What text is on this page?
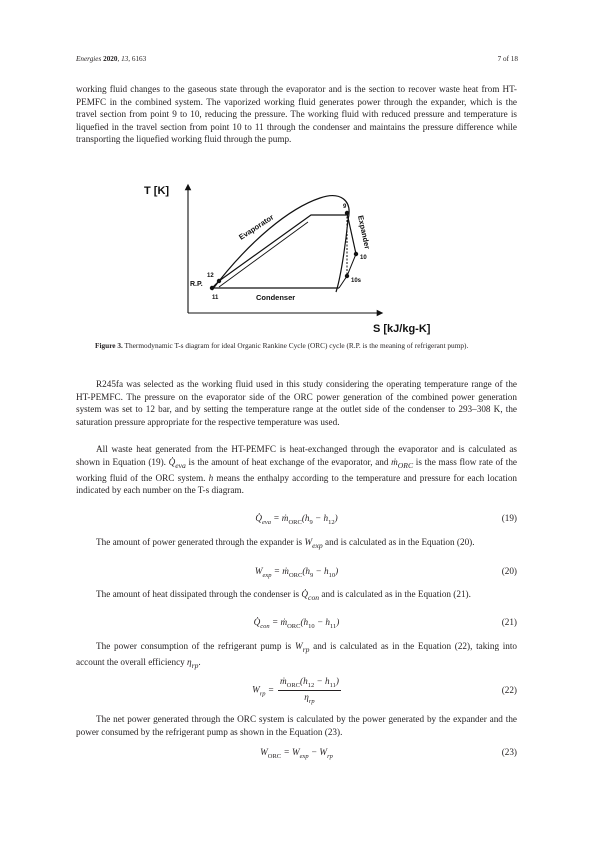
Energies 2020, 13, 6163	7 of 18

working fluid changes to the gaseous state through the evaporator and is the section to recover waste heat from HT-PEMFC in the combined system. The vaporized working fluid generates power through the expander, which is the travel section from point 9 to 10, reducing the pressure. The working fluid with reduced pressure and temperature is liquefied in the travel section from point 10 to 11 through the condenser and maintains the pressure difference while transporting the liquefied working fluid through the pump.

T [K]
S [kJ/kg-K]
Evaporator	Expander
Condenser
R.P.
9
10
10s
11
12

Figure 3. Thermodynamic T-s diagram for ideal Organic Rankine Cycle (ORC) cycle (R.P. is the meaning of refrigerant pump).

R245fa was selected as the working fluid used in this study considering the operating temperature range of the HT-PEMFC. The pressure on the evaporator side of the ORC power generation of the combined power generation system was set to 12 bar, and by setting the temperature range at the outlet side of the condenser to 293–308 K, the saturation pressure appropriate for the respective temperature was used.

All waste heat generated from the HT-PEMFC is heat-exchanged through the evaporator and is calculated as shown in Equation (19). $Q̇_{eva}$ is the amount of heat exchange of the evaporator, and $ṁ_{ORC}$ is the mass flow rate of the working fluid of the ORC system. h means the enthalpy according to the temperature and pressure for each location indicated by each number on the T-s diagram.

$Q̇_{eva}$ = $ṁ_{ORC}(h_9 - h_{12})$	(19)

The amount of power generated through the expander is $W_{exp}$ and is calculated as in the Equation (20).

$W_{exp}$ = $ṁ_{ORC}(h_9 - h_{10})$	(20)

The amount of heat dissipated through the condenser is $Q̇_{con}$ and is calculated as in the Equation (21).

$Q̇_{con}$ = $ṁ_{ORC}(h_{10} - h_{11})$	(21)

The power consumption of the refrigerant pump is $W_{rp}$ and is calculated as in the Equation (22), taking into account the overall efficiency $\eta_{rp}$.

$W_{rp} = \frac{ṁ_{ORC}(h_{12} - h_{11})}{\eta_{rp}}$	(22)

The net power generated through the ORC system is calculated by the power generated by the expander and the power consumed by the refrigerant pump as shown in the Equation (23).

$W_{ORC} = W_{exp} - W_{rp}$	(23)
